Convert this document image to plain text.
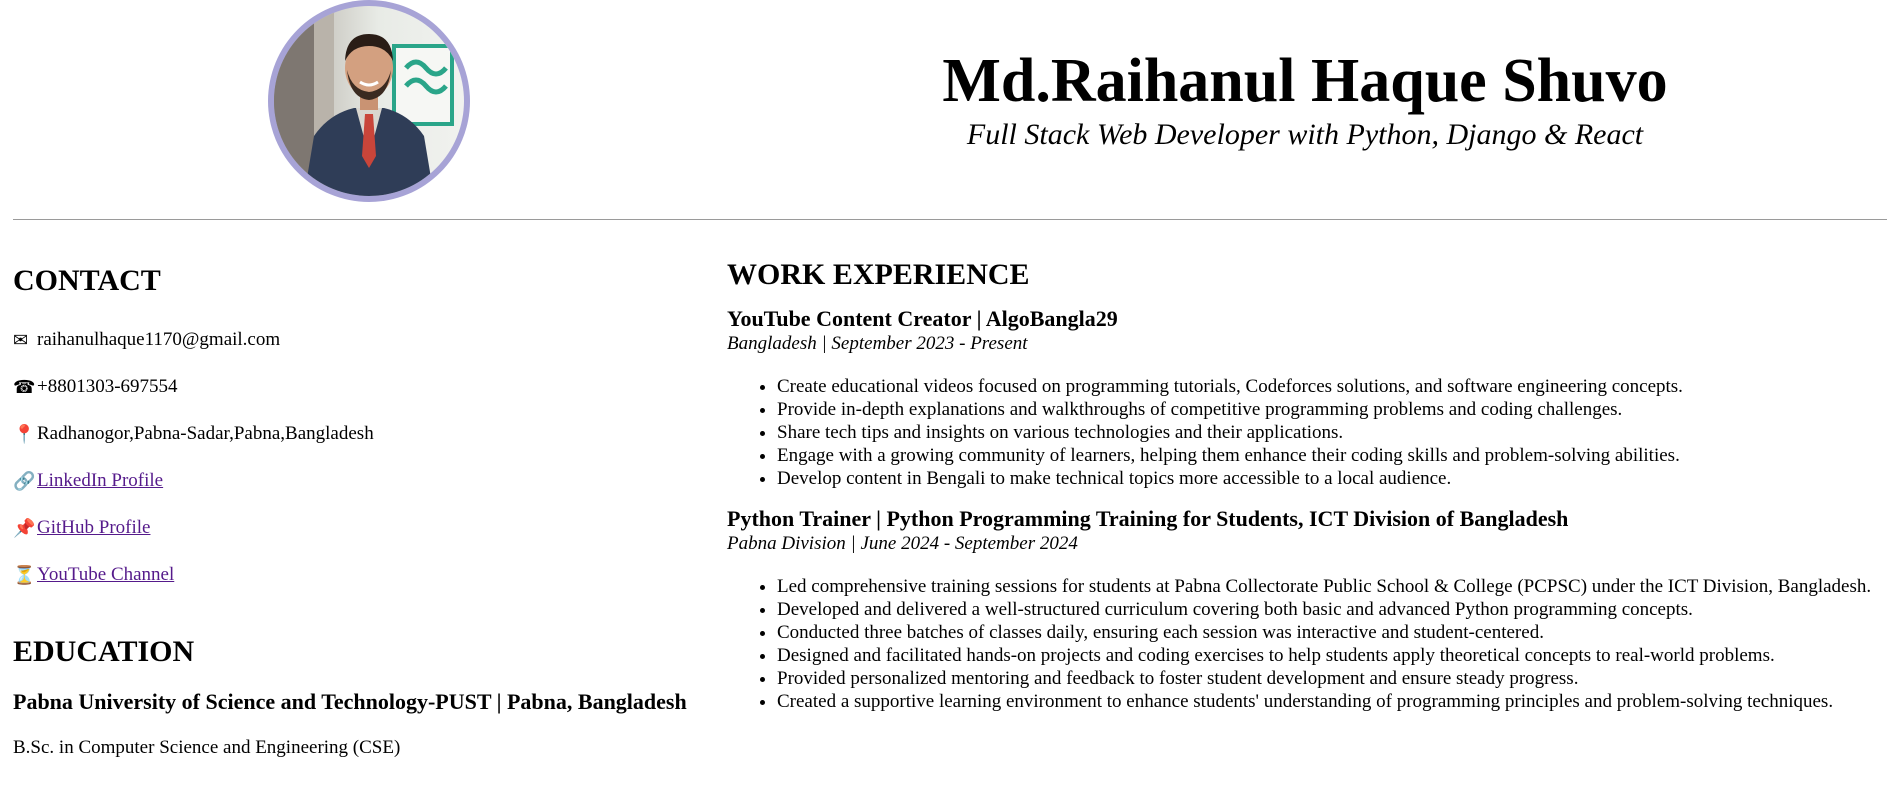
Md.Raihanul Haque Shuvo
Full Stack Web Developer with Python, Django & React
CONTACT
✉ raihanulhaque1170@gmail.com
☎ +8801303-697554
📍 Radhanogor,Pabna-Sadar,Pabna,Bangladesh
🔗 LinkedIn Profile
📌 GitHub Profile
⏳ YouTube Channel
EDUCATION
Pabna University of Science and Technology-PUST | Pabna, Bangladesh
B.Sc. in Computer Science and Engineering (CSE)
WORK EXPERIENCE
YouTube Content Creator | AlgoBangla29
Bangladesh | September 2023 - Present
• Create educational videos focused on programming tutorials, Codeforces solutions, and software engineering concepts.
• Provide in-depth explanations and walkthroughs of competitive programming problems and coding challenges.
• Share tech tips and insights on various technologies and their applications.
• Engage with a growing community of learners, helping them enhance their coding skills and problem-solving abilities.
• Develop content in Bengali to make technical topics more accessible to a local audience.
Python Trainer | Python Programming Training for Students, ICT Division of Bangladesh
Pabna Division | June 2024 - September 2024
• Led comprehensive training sessions for students at Pabna Collectorate Public School & College (PCPSC) under the ICT Division, Bangladesh.
• Developed and delivered a well-structured curriculum covering both basic and advanced Python programming concepts.
• Conducted three batches of classes daily, ensuring each session was interactive and student-centered.
• Designed and facilitated hands-on projects and coding exercises to help students apply theoretical concepts to real-world problems.
• Provided personalized mentoring and feedback to foster student development and ensure steady progress.
• Created a supportive learning environment to enhance students' understanding of programming principles and problem-solving techniques.
